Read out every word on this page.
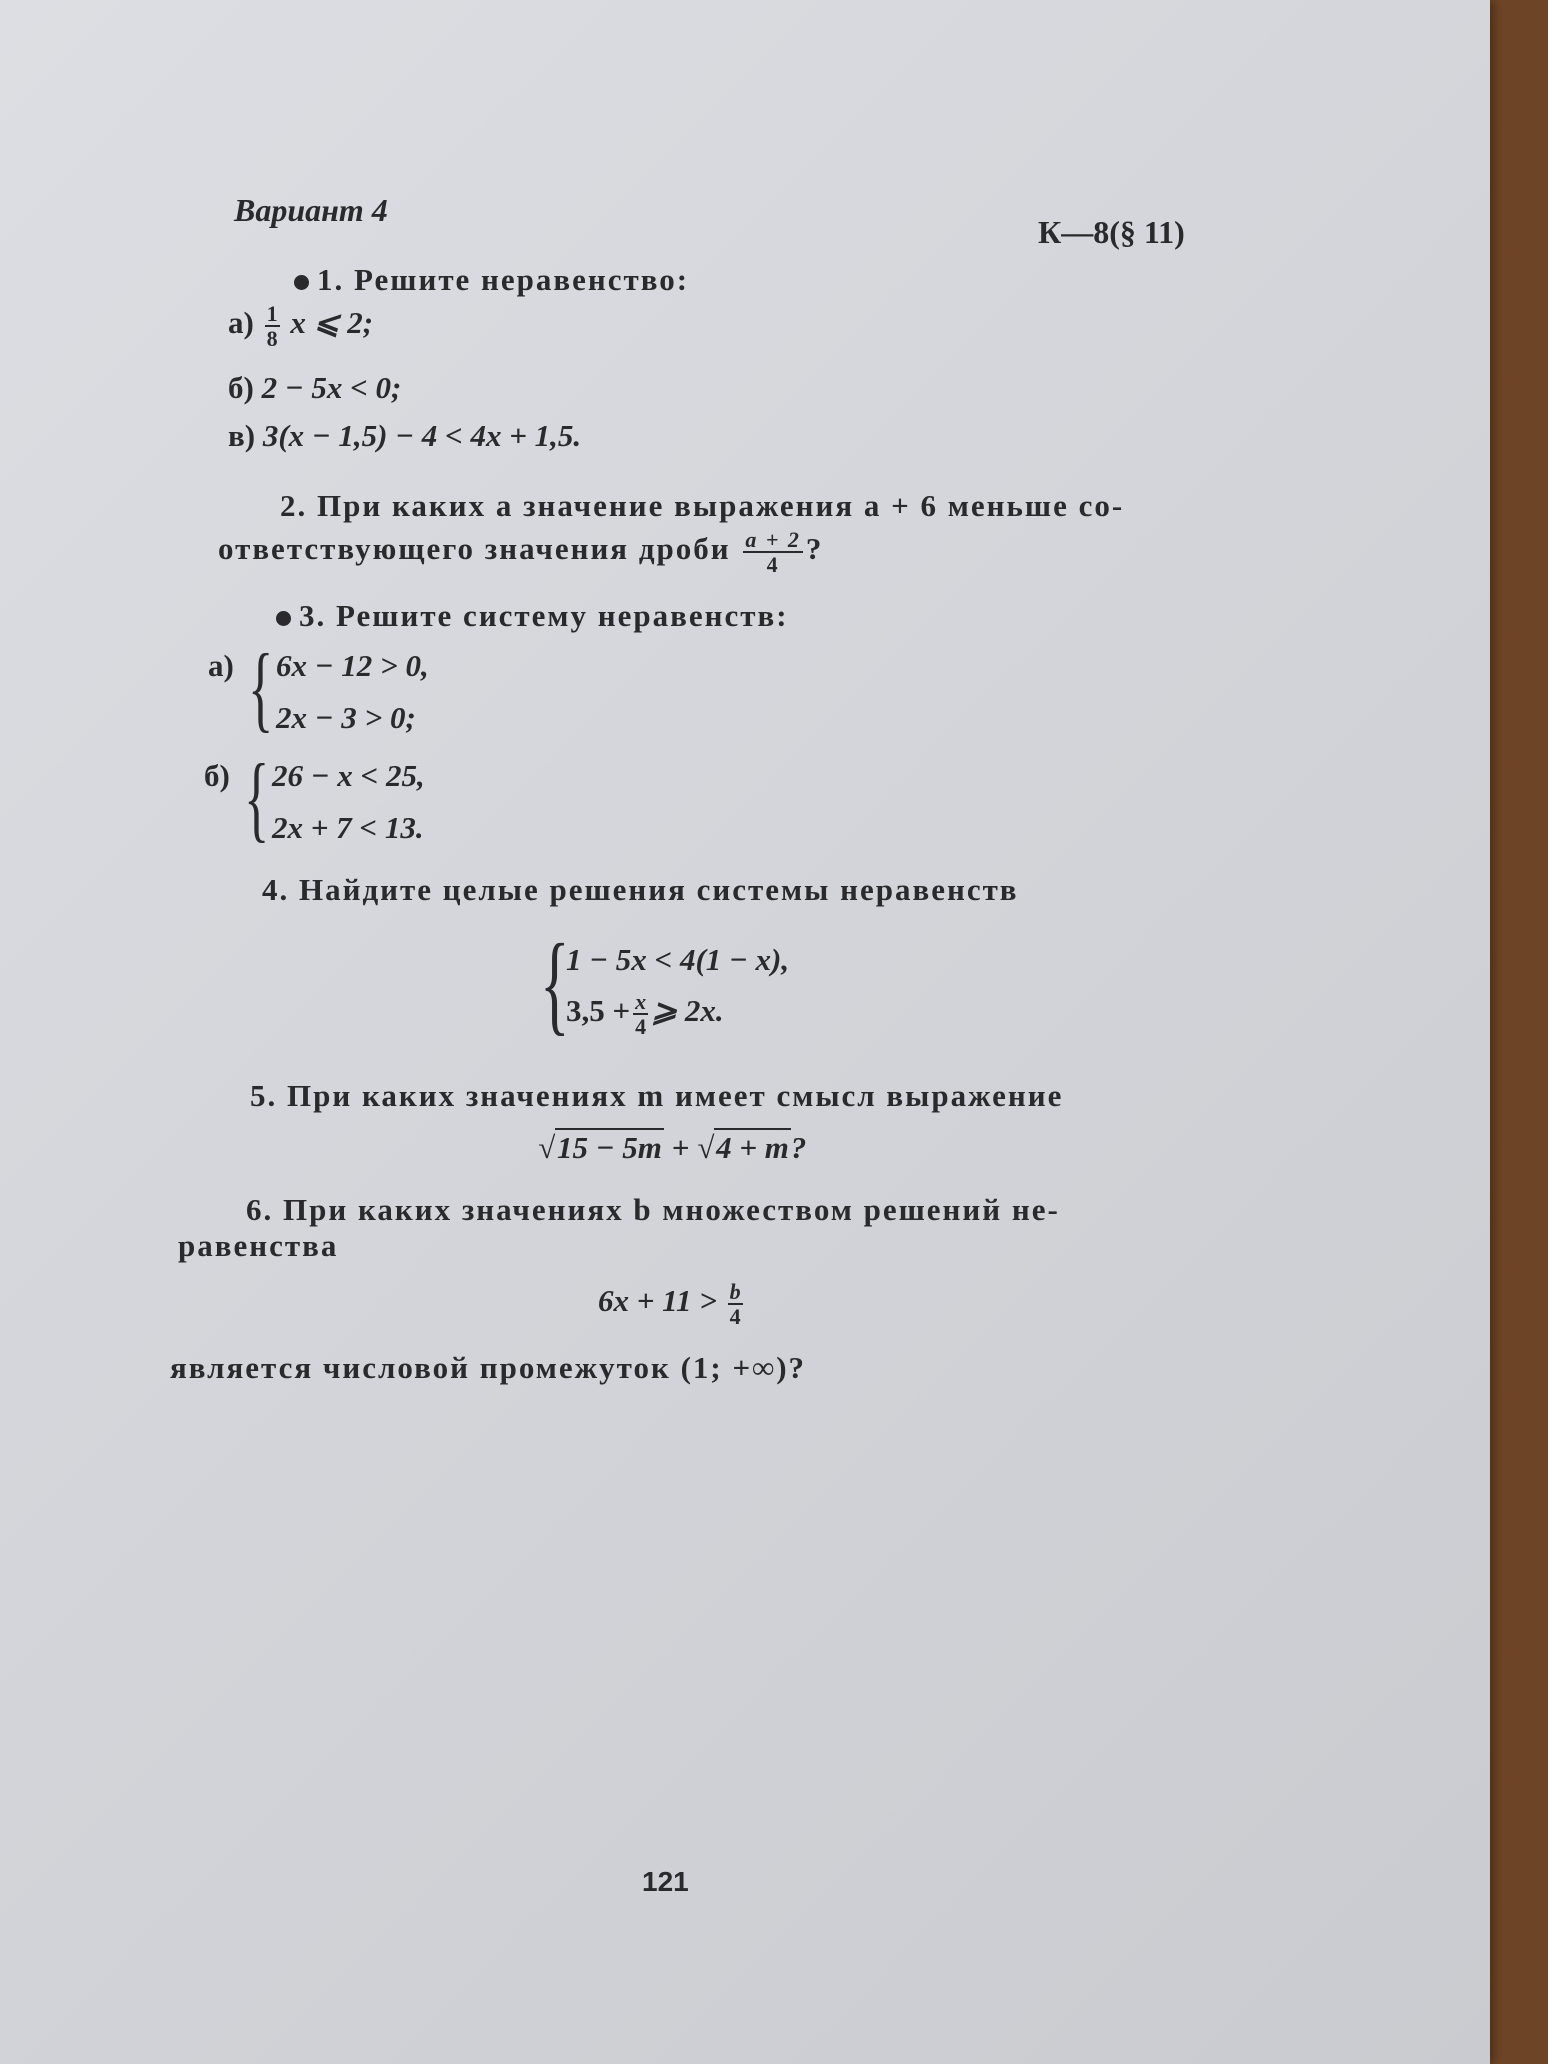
Вариант 4
К—8(§ 11)
1. Решите неравенство:
$а) \frac{1}{8}$ x ⩽ 2;
б) 2 − 5x < 0;
в) 3(x − 1,5) − 4 < 4x + 1,5.
2. При каких a значение выражения a + 6 меньше со-
ответствующего значения дроби $\frac{a + 2}{4}$ ?
3. Решите систему неравенств:
а) { 6x − 12 > 0,
2x − 3 > 0;
б) { 26 − x < 25,
2x + 7 < 13.
4. Найдите целые решения системы неравенств
{
1 − 5x < 4(1 − x),
$3,5 + \frac{x}{4}$ ⩾ 2x.
5. При каких значениях m имеет смысл выражение
√15 − 5m + √4 + m?
6. При каких значениях b множеством решений не-
равенства
$6x + 11 > \frac{b}{4}$
является числовой промежуток (1; +∞)?
121
